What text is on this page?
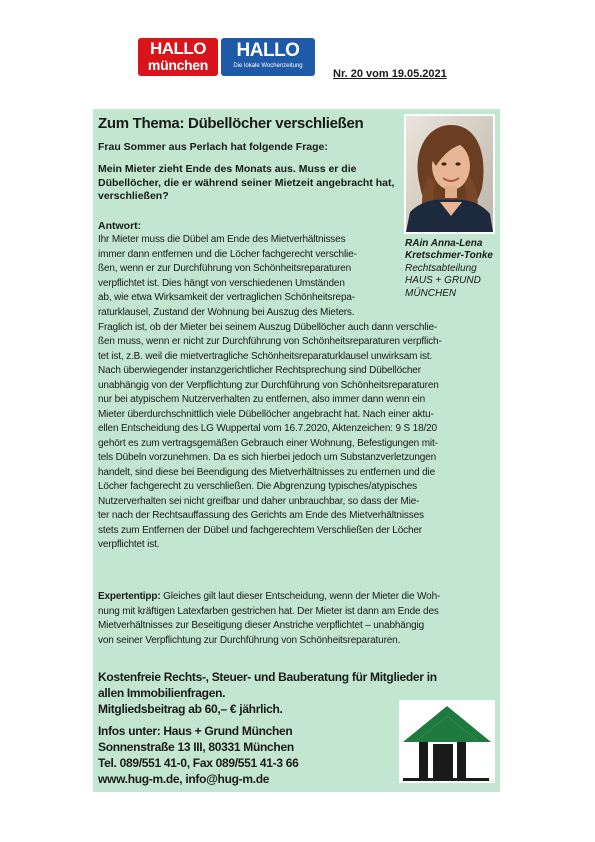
HALLO
münchen
HALLO
Die lokale Wochenzeitung
Nr. 20 vom 19.05.2021
RAin Anna-Lena
Kretschmer-Tonke
Rechtsabteilung
HAUS + GRUND
MÜNCHEN
Zum Thema: Dübellöcher verschließen
Frau Sommer aus Perlach hat folgende Frage:
Mein Mieter zieht Ende des Monats aus. Muss er die Dübellöcher, die er während seiner Mietzeit angebracht hat, verschließen?
Antwort:
Ihr Mieter muss die Dübel am Ende des Mietverhältnisses
immer dann entfernen und die Löcher fachgerecht verschlie-
ßen, wenn er zur Durchführung von Schönheitsreparaturen
verpflichtet ist. Dies hängt von verschiedenen Umständen
ab, wie etwa Wirksamkeit der vertraglichen Schönheitsrepa-
raturklausel, Zustand der Wohnung bei Auszug des Mieters.
Fraglich ist, ob der Mieter bei seinem Auszug Dübellöcher auch dann verschlie-
ßen muss, wenn er nicht zur Durchführung von Schönheitsreparaturen verpflich-
tet ist, z.B. weil die mietvertragliche Schönheitsreparaturklausel unwirksam ist.
Nach überwiegender instanzgerichtlicher Rechtsprechung sind Dübellöcher
unabhängig von der Verpflichtung zur Durchführung von Schönheitsreparaturen
nur bei atypischem Nutzerverhalten zu entfernen, also immer dann wenn ein
Mieter überdurchschnittlich viele Dübellöcher angebracht hat. Nach einer aktu-
ellen Entscheidung des LG Wuppertal vom 16.7.2020, Aktenzeichen: 9 S 18/20
gehört es zum vertragsgemäßen Gebrauch einer Wohnung, Befestigungen mit-
tels Dübeln vorzunehmen. Da es sich hierbei jedoch um Substanzverletzungen
handelt, sind diese bei Beendigung des Mietverhältnisses zu entfernen und die
Löcher fachgerecht zu verschließen. Die Abgrenzung typisches/atypisches
Nutzerverhalten sei nicht greifbar und daher unbrauchbar, so dass der Mie-
ter nach der Rechtsauffassung des Gerichts am Ende des Mietverhältnisses
stets zum Entfernen der Dübel und fachgerechtem Verschließen der Löcher
verpflichtet ist.
Expertentipp: Gleiches gilt laut dieser Entscheidung, wenn der Mieter die Woh-
nung mit kräftigen Latexfarben gestrichen hat. Der Mieter ist dann am Ende des
Mietverhältnisses zur Beseitigung dieser Anstriche verpflichtet – unabhängig
von seiner Verpflichtung zur Durchführung von Schönheitsreparaturen.
Kostenfreie Rechts-, Steuer- und Bauberatung für Mitglieder in
allen Immobilienfragen.
Mitgliedsbeitrag ab 60,– € jährlich.
Infos unter: Haus + Grund München
Sonnenstraße 13 III, 80331 München
Tel. 089/551 41-0, Fax 089/551 41-3 66
www.hug-m.de, info@hug-m.de
